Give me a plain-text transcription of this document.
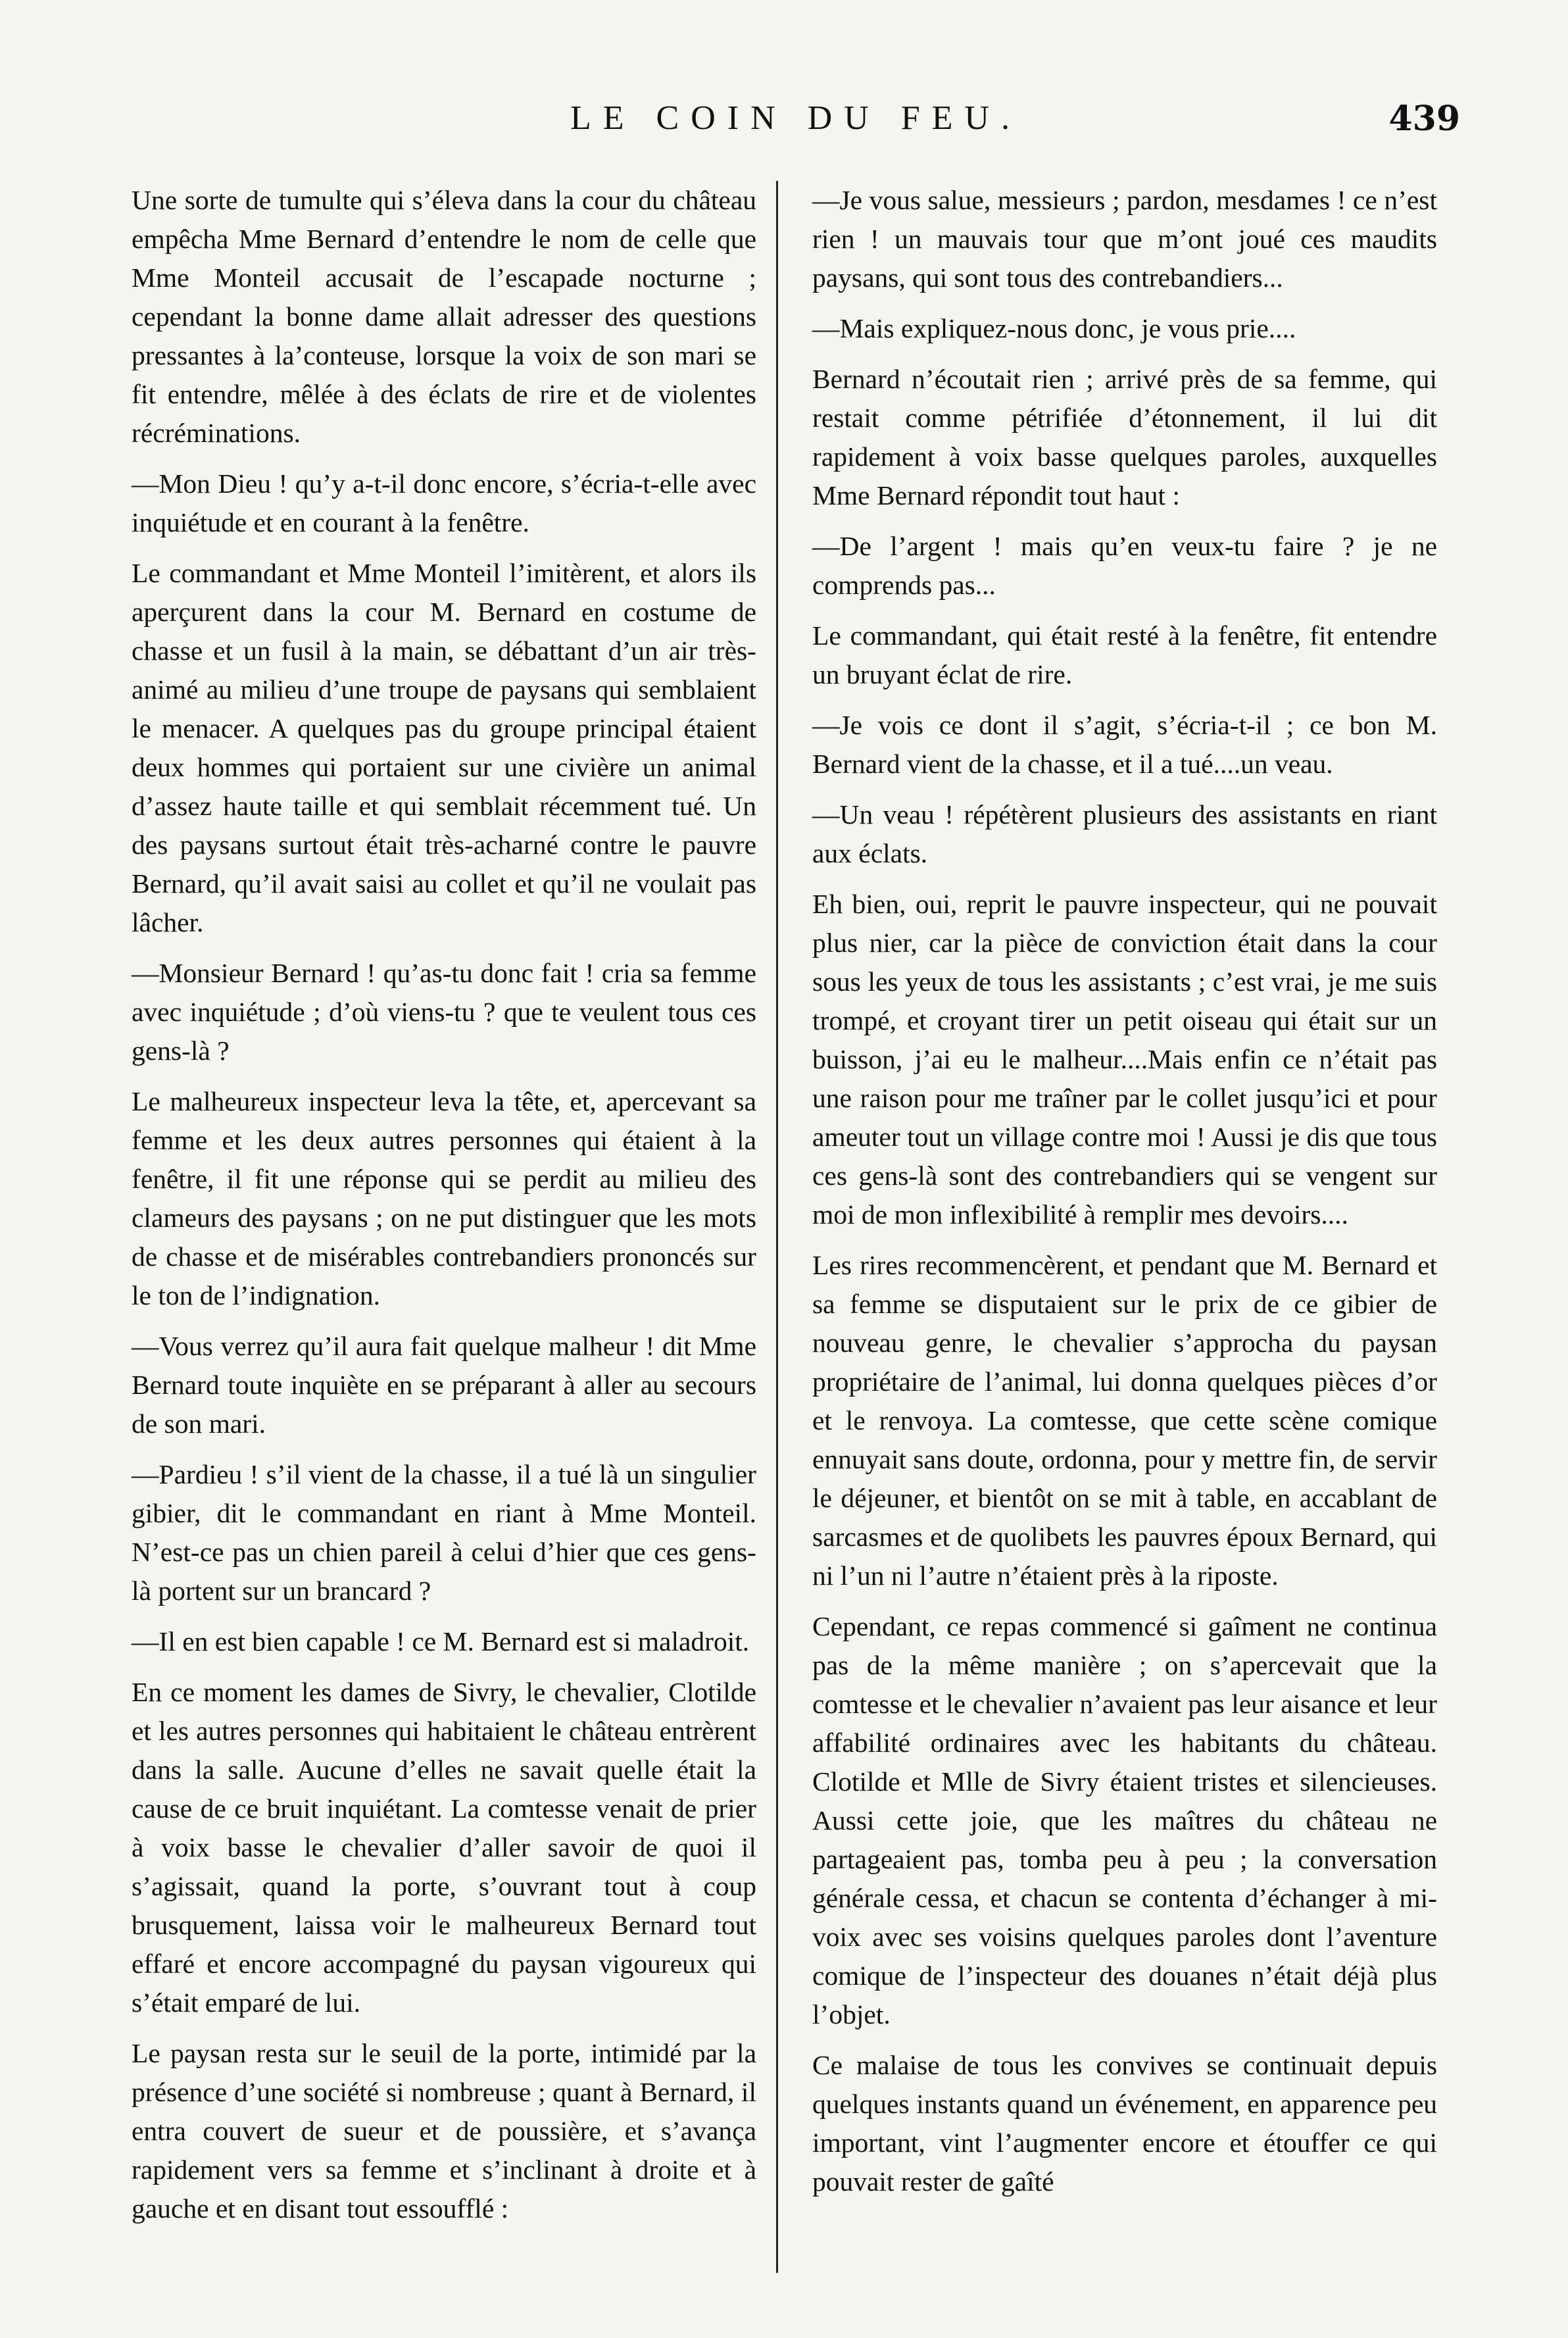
LE COIN DU FEU.	439

Une sorte de tumulte qui s’éleva dans la cour du château empêcha Mme Bernard d’entendre le nom de celle que Mme Monteil accusait de l’escapade nocturne ; cependant la bonne dame allait adresser des questions pressantes à la’conteuse, lorsque la voix de son mari se fit entendre, mêlée à des éclats de rire et de violentes récréminations.

—Mon Dieu ! qu’y a-t-il donc encore, s’écria-t-elle avec inquiétude et en courant à la fenêtre.

Le commandant et Mme Monteil l’imitèrent, et alors ils aperçurent dans la cour M. Bernard en costume de chasse et un fusil à la main, se débattant d’un air très-animé au milieu d’une troupe de paysans qui semblaient le menacer. A quelques pas du groupe principal étaient deux hommes qui portaient sur une civière un animal d’assez haute taille et qui semblait récemment tué. Un des paysans surtout était très-acharné contre le pauvre Bernard, qu’il avait saisi au collet et qu’il ne voulait pas lâcher.

—Monsieur Bernard ! qu’as-tu donc fait ! cria sa femme avec inquiétude ; d’où viens-tu ? que te veulent tous ces gens-là ?

Le malheureux inspecteur leva la tête, et, apercevant sa femme et les deux autres personnes qui étaient à la fenêtre, il fit une réponse qui se perdit au milieu des clameurs des paysans ; on ne put distinguer que les mots de chasse et de misérables contrebandiers prononcés sur le ton de l’indignation.

—Vous verrez qu’il aura fait quelque malheur ! dit Mme Bernard toute inquiète en se préparant à aller au secours de son mari.

—Pardieu ! s’il vient de la chasse, il a tué là un singulier gibier, dit le commandant en riant à Mme Monteil. N’est-ce pas un chien pareil à celui d’hier que ces gens-là portent sur un brancard ?

—Il en est bien capable ! ce M. Bernard est si maladroit.

En ce moment les dames de Sivry, le chevalier, Clotilde et les autres personnes qui habitaient le château entrèrent dans la salle. Aucune d’elles ne savait quelle était la cause de ce bruit inquiétant. La comtesse venait de prier à voix basse le chevalier d’aller savoir de quoi il s’agissait, quand la porte, s’ouvrant tout à coup brusquement, laissa voir le malheureux Bernard tout effaré et encore accompagné du paysan vigoureux qui s’était emparé de lui.

Le paysan resta sur le seuil de la porte, intimidé par la présence d’une société si nombreuse ; quant à Bernard, il entra couvert de sueur et de poussière, et s’avança rapidement vers sa femme et s’inclinant à droite et à gauche et en disant tout essoufflé :

—Je vous salue, messieurs ; pardon, mesdames ! ce n’est rien ! un mauvais tour que m’ont joué ces maudits paysans, qui sont tous des contrebandiers...

—Mais expliquez-nous donc, je vous prie....

Bernard n’écoutait rien ; arrivé près de sa femme, qui restait comme pétrifiée d’étonnement, il lui dit rapidement à voix basse quelques paroles, auxquelles Mme Bernard répondit tout haut :

—De l’argent ! mais qu’en veux-tu faire ? je ne comprends pas...

Le commandant, qui était resté à la fenêtre, fit entendre un bruyant éclat de rire.

—Je vois ce dont il s’agit, s’écria-t-il ; ce bon M. Bernard vient de la chasse, et il a tué....un veau.

—Un veau ! répétèrent plusieurs des assistants en riant aux éclats.

Eh bien, oui, reprit le pauvre inspecteur, qui ne pouvait plus nier, car la pièce de conviction était dans la cour sous les yeux de tous les assistants ; c’est vrai, je me suis trompé, et croyant tirer un petit oiseau qui était sur un buisson, j’ai eu le malheur....Mais enfin ce n’était pas une raison pour me traîner par le collet jusqu’ici et pour ameuter tout un village contre moi ! Aussi je dis que tous ces gens-là sont des contrebandiers qui se vengent sur moi de mon inflexibilité à remplir mes devoirs....

Les rires recommencèrent, et pendant que M. Bernard et sa femme se disputaient sur le prix de ce gibier de nouveau genre, le chevalier s’approcha du paysan propriétaire de l’animal, lui donna quelques pièces d’or et le renvoya. La comtesse, que cette scène comique ennuyait sans doute, ordonna, pour y mettre fin, de servir le déjeuner, et bientôt on se mit à table, en accablant de sarcasmes et de quolibets les pauvres époux Bernard, qui ni l’un ni l’autre n’étaient près à la riposte.

Cependant, ce repas commencé si gaîment ne continua pas de la même manière ; on s’apercevait que la comtesse et le chevalier n’avaient pas leur aisance et leur affabilité ordinaires avec les habitants du château. Clotilde et Mlle de Sivry étaient tristes et silencieuses. Aussi cette joie, que les maîtres du château ne partageaient pas, tomba peu à peu ; la conversation générale cessa, et chacun se contenta d’échanger à mi-voix avec ses voisins quelques paroles dont l’aventure comique de l’inspecteur des douanes n’était déjà plus l’objet.

Ce malaise de tous les convives se continuait depuis quelques instants quand un événement, en apparence peu important, vint l’augmenter encore et étouffer ce qui pouvait rester de gaîté
